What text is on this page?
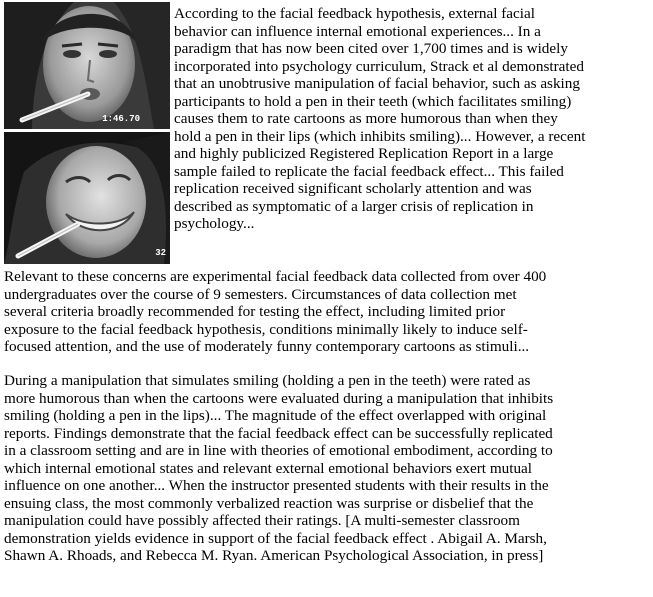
1:46.70
32
According to the facial feedback hypothesis, external facial
behavior can influence internal emotional experiences... In a
paradigm that has now been cited over 1,700 times and is widely
incorporated into psychology curriculum, Strack et al demonstrated
that an unobtrusive manipulation of facial behavior, such as asking
participants to hold a pen in their teeth (which facilitates smiling)
causes them to rate cartoons as more humorous than when they
hold a pen in their lips (which inhibits smiling)... However, a recent
and highly publicized Registered Replication Report in a large
sample failed to replicate the facial feedback effect... This failed
replication received significant scholarly attention and was
described as symptomatic of a larger crisis of replication in
psychology...
Relevant to these concerns are experimental facial feedback data collected from over 400
undergraduates over the course of 9 semesters. Circumstances of data collection met
several criteria broadly recommended for testing the effect, including limited prior
exposure to the facial feedback hypothesis, conditions minimally likely to induce self-
focused attention, and the use of moderately funny contemporary cartoons as stimuli...
During a manipulation that simulates smiling (holding a pen in the teeth) were rated as
more humorous than when the cartoons were evaluated during a manipulation that inhibits
smiling (holding a pen in the lips)... The magnitude of the effect overlapped with original
reports. Findings demonstrate that the facial feedback effect can be successfully replicated
in a classroom setting and are in line with theories of emotional embodiment, according to
which internal emotional states and relevant external emotional behaviors exert mutual
influence on one another... When the instructor presented students with their results in the
ensuing class, the most commonly verbalized reaction was surprise or disbelief that the
manipulation could have possibly affected their ratings. [A multi-semester classroom
demonstration yields evidence in support of the facial feedback effect . Abigail A. Marsh,
Shawn A. Rhoads, and Rebecca M. Ryan. American Psychological Association, in press]
